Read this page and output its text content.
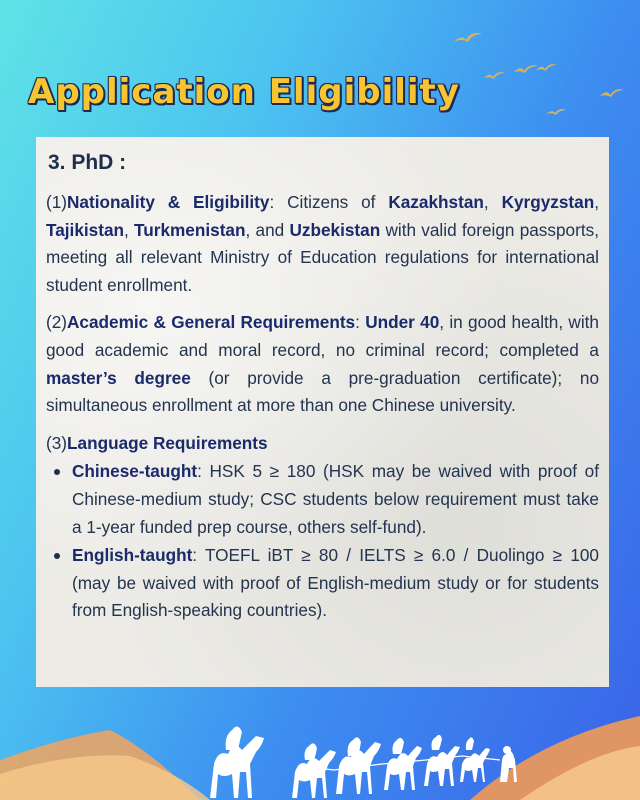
Application Eligibility
3. PhD :

(1)Nationality & Eligibility: Citizens of Kazakhstan, Kyrgyzstan, Tajikistan, Turkmenistan, and Uzbekistan with valid foreign passports, meeting all relevant Ministry of Education regulations for international student enrollment.

(2)Academic & General Requirements: Under 40, in good health, with good academic and moral record, no criminal record; completed a master’s degree (or provide a pre-graduation certificate); no simultaneous enrollment at more than one Chinese university.

(3)Language Requirements

Chinese-taught: HSK 5 ≥ 180 (HSK may be waived with proof of Chinese-medium study; CSC students below requirement must take a 1-year funded prep course, others self-fund).
English-taught: TOEFL iBT ≥ 80 / IELTS ≥ 6.0 / Duolingo ≥ 100 (may be waived with proof of English-medium study or for students from English-speaking countries).
